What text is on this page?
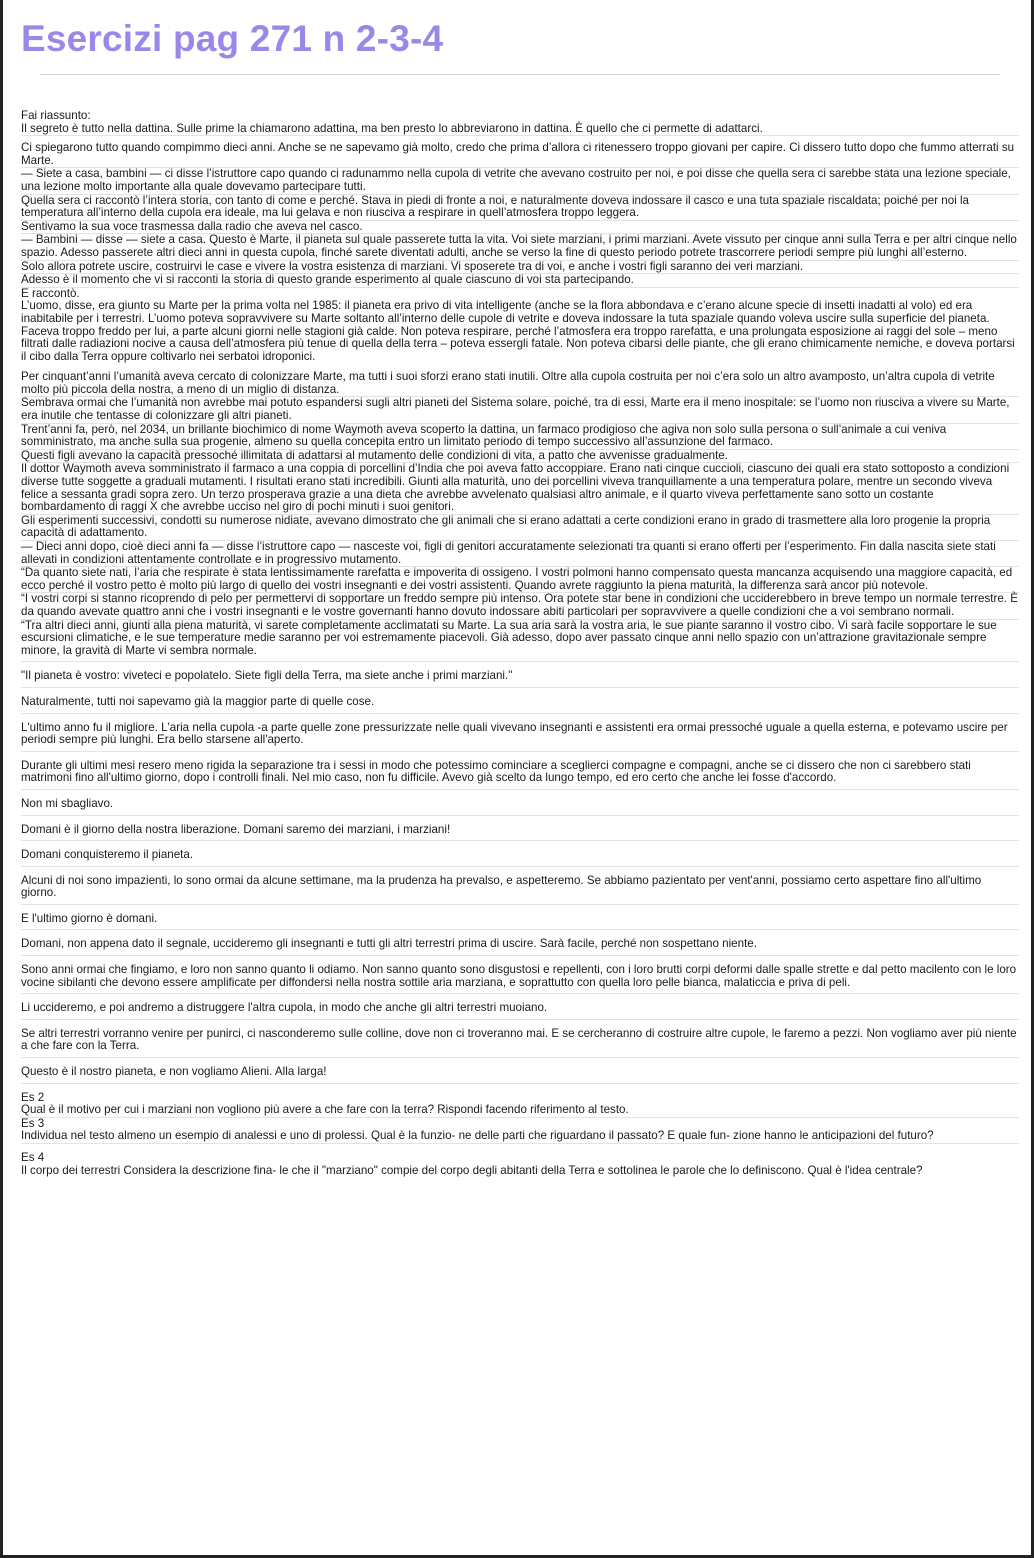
Esercizi pag 271 n 2-3-4

Fai riassunto:

Il segreto è tutto nella dattina. Sulle prime la chiamarono adattina, ma ben presto lo abbreviarono in dattina. È quello che ci permette di adattarci.

Ci spiegarono tutto quando compimmo dieci anni. Anche se ne sapevamo già molto, credo che prima d’allora ci ritenessero troppo giovani per capire. Ci dissero tutto dopo che fummo atterrati su Marte.

— Siete a casa, bambini — ci disse l’istruttore capo quando ci radunammo nella cupola di vetrite che avevano costruito per noi, e poi disse che quella sera ci sarebbe stata una lezione speciale, una lezione molto importante alla quale dovevamo partecipare tutti.

Quella sera ci raccontò l’intera storia, con tanto di come e perché. Stava in piedi di fronte a noi, e naturalmente doveva indossare il casco e una tuta spaziale riscaldata; poiché per noi la temperatura all’interno della cupola era ideale, ma lui gelava e non riusciva a respirare in quell’atmosfera troppo leggera.

Sentivamo la sua voce trasmessa dalla radio che aveva nel casco.

— Bambini — disse — siete a casa. Questo è Marte, il pianeta sul quale passerete tutta la vita. Voi siete marziani, i primi marziani. Avete vissuto per cinque anni sulla Terra e per altri cinque nello spazio. Adesso passerete altri dieci anni in questa cupola, finché sarete diventati adulti, anche se verso la fine di questo periodo potrete trascorrere periodi sempre più lunghi all’esterno.

Solo allora potrete uscire, costruirvi le case e vivere la vostra esistenza di marziani. Vi sposerete tra di voi, e anche i vostri figli saranno dei veri marziani.

Adesso è il momento che vi si racconti la storia di questo grande esperimento al quale ciascuno di voi sta partecipando.

E raccontò.

L’uomo, disse, era giunto su Marte per la prima volta nel 1985: il pianeta era privo di vita intelligente (anche se la flora abbondava e c’erano alcune specie di insetti inadatti al volo) ed era inabitabile per i terrestri. L’uomo poteva sopravvivere su Marte soltanto all’interno delle cupole di vetrite e doveva indossare la tuta spaziale quando voleva uscire sulla superficie del pianeta. Faceva troppo freddo per lui, a parte alcuni giorni nelle stagioni già calde. Non poteva respirare, perché l’atmosfera era troppo rarefatta, e una prolungata esposizione ai raggi del sole – meno filtrati dalle radiazioni nocive a causa dell’atmosfera più tenue di quella della terra – poteva essergli fatale. Non poteva cibarsi delle piante, che gli erano chimicamente nemiche, e doveva portarsi il cibo dalla Terra oppure coltivarlo nei serbatoi idroponici.

Per cinquant’anni l’umanità aveva cercato di colonizzare Marte, ma tutti i suoi sforzi erano stati inutili. Oltre alla cupola costruita per noi c’era solo un altro avamposto, un’altra cupola di vetrite molto più piccola della nostra, a meno di un miglio di distanza.

Sembrava ormai che l’umanità non avrebbe mai potuto espandersi sugli altri pianeti del Sistema solare, poiché, tra di essi, Marte era il meno inospitale: se l’uomo non riusciva a vivere su Marte, era inutile che tentasse di colonizzare gli altri pianeti.

Trent’anni fa, però, nel 2034, un brillante biochimico di nome Waymoth aveva scoperto la dattina, un farmaco prodigioso che agiva non solo sulla persona o sull’animale a cui veniva somministrato, ma anche sulla sua progenie, almeno su quella concepita entro un limitato periodo di tempo successivo all’assunzione del farmaco.

Questi figli avevano la capacità pressoché illimitata di adattarsi al mutamento delle condizioni di vita, a patto che avvenisse gradualmente.

Il dottor Waymoth aveva somministrato il farmaco a una coppia di porcellini d’India che poi aveva fatto accoppiare. Erano nati cinque cuccioli, ciascuno dei quali era stato sottoposto a condizioni diverse tutte soggette a graduali mutamenti. I risultati erano stati incredibili. Giunti alla maturità, uno dei porcellini viveva tranquillamente a una temperatura polare, mentre un secondo viveva felice a sessanta gradi sopra zero. Un terzo prosperava grazie a una dieta che avrebbe avvelenato qualsiasi altro animale, e il quarto viveva perfettamente sano sotto un costante bombardamento di raggi X che avrebbe ucciso nel giro di pochi minuti i suoi genitori.

Gli esperimenti successivi, condotti su numerose nidiate, avevano dimostrato che gli animali che si erano adattati a certe condizioni erano in grado di trasmettere alla loro progenie la propria capacità di adattamento.

— Dieci anni dopo, cioè dieci anni fa — disse l’istruttore capo — nasceste voi, figli di genitori accuratamente selezionati tra quanti si erano offerti per l’esperimento. Fin dalla nascita siete stati allevati in condizioni attentamente controllate e in progressivo mutamento.

“Da quanto siete nati, l’aria che respirate è stata lentissimamente rarefatta e impoverita di ossigeno. I vostri polmoni hanno compensato questa mancanza acquisendo una maggiore capacità, ed ecco perché il vostro petto è molto più largo di quello dei vostri insegnanti e dei vostri assistenti. Quando avrete raggiunto la piena maturità, la differenza sarà ancor più notevole.

“I vostri corpi si stanno ricoprendo di pelo per permettervi di sopportare un freddo sempre più intenso. Ora potete star bene in condizioni che ucciderebbero in breve tempo un normale terrestre. È da quando avevate quattro anni che i vostri insegnanti e le vostre governanti hanno dovuto indossare abiti particolari per sopravvivere a quelle condizioni che a voi sembrano normali.

“Tra altri dieci anni, giunti alla piena maturità, vi sarete completamente acclimatati su Marte. La sua aria sarà la vostra aria, le sue piante saranno il vostro cibo. Vi sarà facile sopportare le sue escursioni climatiche, e le sue temperature medie saranno per voi estremamente piacevoli. Già adesso, dopo aver passato cinque anni nello spazio con un’attrazione gravitazionale sempre minore, la gravità di Marte vi sembra normale.

"Il pianeta è vostro: viveteci e popolatelo. Siete figli della Terra, ma siete anche i primi marziani."

Naturalmente, tutti noi sapevamo già la maggior parte di quelle cose.

L'ultimo anno fu il migliore. L'aria nella cupola -a parte quelle zone pressurizzate nelle quali vivevano insegnanti e assistenti era ormai pressoché uguale a quella esterna, e potevamo uscire per periodi sempre più lunghi. Era bello starsene all'aperto.

Durante gli ultimi mesi resero meno rigida la separazione tra i sessi in modo che potessimo cominciare a sceglierci compagne e compagni, anche se ci dissero che non ci sarebbero stati matrimoni fino all'ultimo giorno, dopo i controlli finali. Nel mio caso, non fu difficile. Avevo già scelto da lungo tempo, ed ero certo che anche lei fosse d'accordo.

Non mi sbagliavo.

Domani è il giorno della nostra liberazione. Domani saremo dei marziani, i marziani!

Domani conquisteremo il pianeta.

Alcuni di noi sono impazienti, lo sono ormai da alcune settimane, ma la prudenza ha prevalso, e aspetteremo. Se abbiamo pazientato per vent'anni, possiamo certo aspettare fino all'ultimo giorno.

E l'ultimo giorno è domani.

Domani, non appena dato il segnale, uccideremo gli insegnanti e tutti gli altri terrestri prima di uscire. Sarà facile, perché non sospettano niente.

Sono anni ormai che fingiamo, e loro non sanno quanto li odiamo. Non sanno quanto sono disgustosi e repellenti, con i loro brutti corpi deformi dalle spalle strette e dal petto macilento con le loro vocine sibilanti che devono essere amplificate per diffondersi nella nostra sottile aria marziana, e soprattutto con quella loro pelle bianca, malaticcia e priva di peli.

Li uccideremo, e poi andremo a distruggere l'altra cupola, in modo che anche gli altri terrestri muoiano.

Se altri terrestri vorranno venire per punirci, ci nasconderemo sulle colline, dove non ci troveranno mai. E se cercheranno di costruire altre cupole, le faremo a pezzi. Non vogliamo aver più niente a che fare con la Terra.

Questo è il nostro pianeta, e non vogliamo Alieni. Alla larga!

Es 2

Qual è il motivo per cui i marziani non vogliono più avere a che fare con la terra? Rispondi facendo riferimento al testo.

Es 3

Individua nel testo almeno un esempio di analessi e uno di prolessi. Qual è la funzio- ne delle parti che riguardano il passato? E quale fun- zione hanno le anticipazioni del futuro?

Es 4

Il corpo dei terrestri Considera la descrizione fina- le che il "marziano" compie del corpo degli abitanti della Terra e sottolinea le parole che lo definiscono. Qual è l'idea centrale?
